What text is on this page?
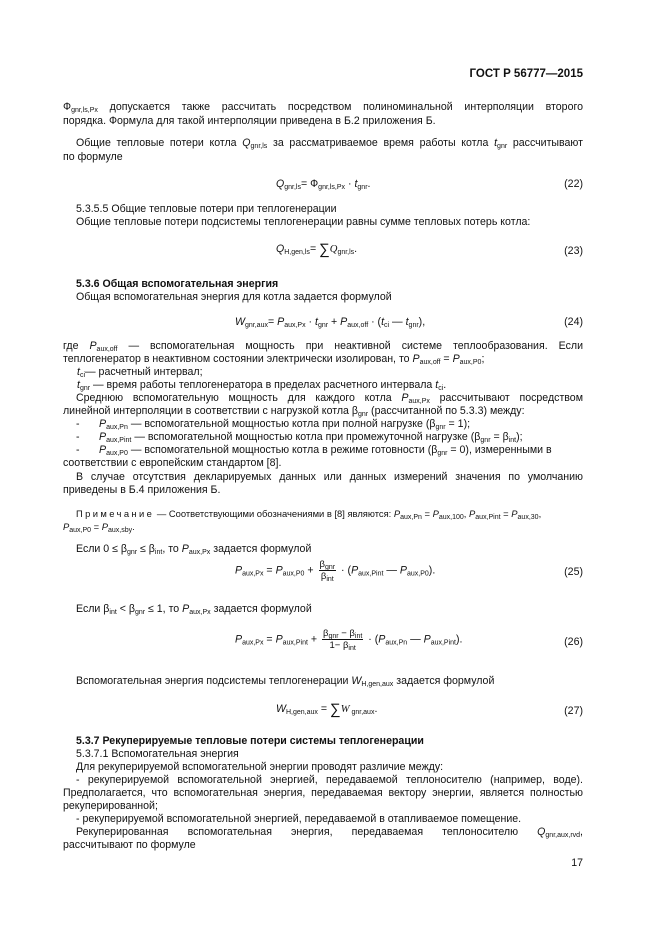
ГОСТ Р 56777—2015
$Ф_{gnr,ls,Px}$ допускается также рассчитать посредством полиноминальной интерполяции второго
порядка. Формула для такой интерполяции приведена в Б.2 приложения Б.
Общие тепловые потери котла $Q_{gnr,ls}$ за рассматриваемое время работы котла $t_{gnr}$ рассчитывают
по формуле
$Q_{gnr,ls}= Ф_{gnr,ls,Px} \cdot t_{gnr}$.	(22)
5.3.5.5 Общие тепловые потери при теплогенерации
Общие тепловые потери подсистемы теплогенерации равны сумме тепловых потерь котла:
$Q_{H,gen,ls}= \sum Q_{gnr,ls}$.	(23)
5.3.6 Общая вспомогательная энергия
Общая вспомогательная энергия для котла задается формулой
$W_{gnr,aux}= P_{aux,Px} \cdot t_{gnr} + P_{aux,off} \cdot (t_{ci}$ — $t_{gnr}$),	(24)
где $P_{aux,off}$ — вспомогательная мощность при неактивной системе теплообразования. Если
теплогенератор в неактивном состоянии электрически изолирован, то $P_{aux,off} = P_{aux,P0}$;
$t_{ci}—$ расчетный интервал;
$t_{gnr}$ — время работы теплогенератора в пределах расчетного интервала $t_{ci}$.
Среднюю вспомогательную мощность для каждого котла $P_{aux,Px}$ рассчитывают посредством
линейной интерполяции в соответствии с нагрузкой котла $\beta_{gnr}$ (рассчитанной по 5.3.3) между:
- $P_{aux,Pn}$ — вспомогательной мощностью котла при полной нагрузке $(\beta_{gnr} = 1)$;
- $P_{aux,Pint}$ — вспомогательной мощностью котла при промежуточной нагрузке $(\beta_{gnr} = \beta_{int})$;
- $P_{aux,P0}$ — вспомогательной мощностью котла в режиме готовности $(\beta_{gnr} = 0)$, измеренными в
соответствии с европейским стандартом [8].
В случае отсутствия декларируемых данных или данных измерений значения по умолчанию
приведены в Б.4 приложения Б.
Примечание — Соответствующими обозначениями в [8] являются: $P_{aux,Pn} = P_{aux,100}$, $P_{aux,Pint} = P_{aux,30}$,
$P_{aux,P0} = P_{aux,sby}$.
Если $0 \le \beta_{gnr} \le \beta_{int}$, то $P_{aux,Px}$ задается формулой
$P_{aux,Px} = P_{aux,P0} + \frac{\beta_{gnr}}{\beta_{int}} \cdot (P_{aux,Pint}$ — $P_{aux,P0}$).	(25)
Если $\beta_{int} < \beta_{gnr} \le 1$, то $P_{aux,Px}$ задается формулой
$P_{aux,Px} = P_{aux,Pint} + \frac{\beta_{gnr} - \beta_{int}}{1- \beta_{int}} \cdot (P_{aux,Pn}$ — $P_{aux,Pint}$).	(26)
Вспомогательная энергия подсистемы теплогенерации $W_{H,gen,aux}$ задается формулой
$W_{H,gen,aux} = \sum W$ $_{gnr,aux}$.	(27)
5.3.7 Рекуперируемые тепловые потери системы теплогенерации
5.3.7.1 Вспомогательная энергия
Для рекуперируемой вспомогательной энергии проводят различие между:
- рекуперируемой вспомогательной энергией, передаваемой теплоносителю (например, воде).
Предполагается, что вспомогательная энергия, передаваемая вектору энергии, является полностью
рекуперированной;
- рекуперируемой вспомогательной энергией, передаваемой в отапливаемое помещение.
Рекуперированная вспомогательная энергия, передаваемая теплоносителю $Q_{gnr,aux,rvd}$,
рассчитывают по формуле
17
